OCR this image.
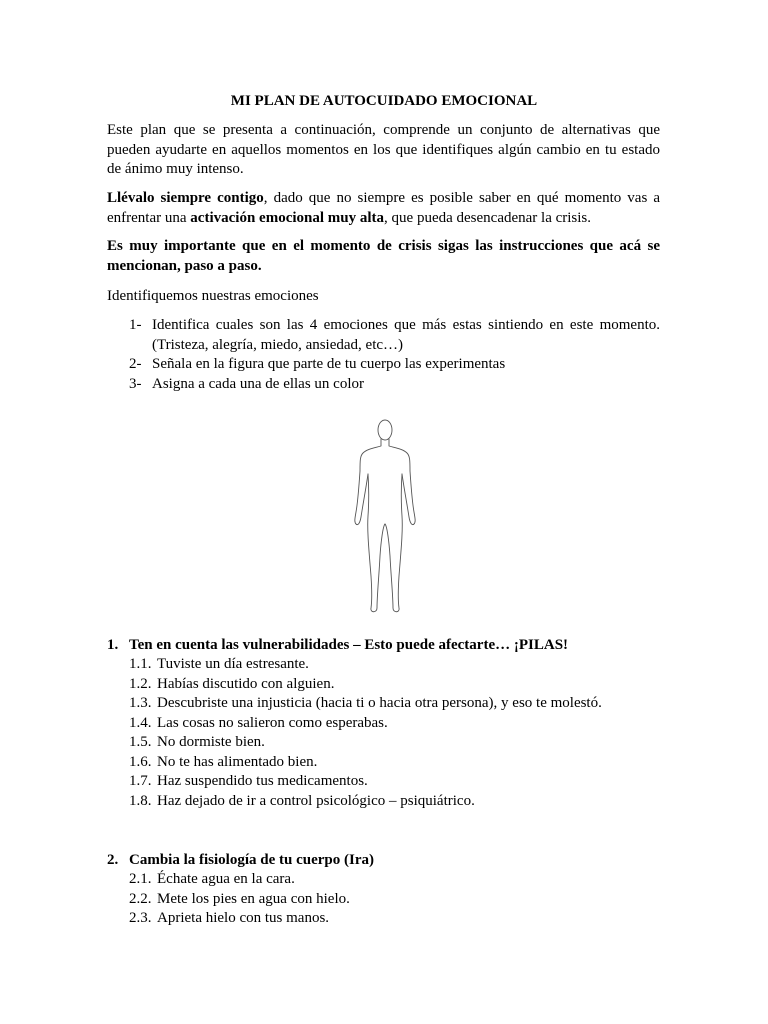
MI PLAN DE AUTOCUIDADO EMOCIONAL

Este plan que se presenta a continuación, comprende un conjunto de alternativas que pueden ayudarte en aquellos momentos en los que identifiques algún cambio en tu estado de ánimo muy intenso.

Llévalo siempre contigo, dado que no siempre es posible saber en qué momento vas a enfrentar una activación emocional muy alta, que pueda desencadenar la crisis.

Es muy importante que en el momento de crisis sigas las instrucciones que acá se mencionan, paso a paso.

Identifiquemos nuestras emociones

1- Identifica cuales son las 4 emociones que más estas sintiendo en este momento. (Tristeza, alegría, miedo, ansiedad, etc…)
2- Señala en la figura que parte de tu cuerpo las experimentas
3- Asigna a cada una de ellas un color
1. Ten en cuenta las vulnerabilidades – Esto puede afectarte… ¡PILAS!
1.1. Tuviste un día estresante.
1.2. Habías discutido con alguien.
1.3. Descubriste una injusticia (hacia ti o hacia otra persona), y eso te molestó.
1.4. Las cosas no salieron como esperabas.
1.5. No dormiste bien.
1.6. No te has alimentado bien.
1.7. Haz suspendido tus medicamentos.
1.8. Haz dejado de ir a control psicológico – psiquiátrico.
2. Cambia la fisiología de tu cuerpo (Ira)
2.1. Échate agua en la cara.
2.2. Mete los pies en agua con hielo.
2.3. Aprieta hielo con tus manos.
